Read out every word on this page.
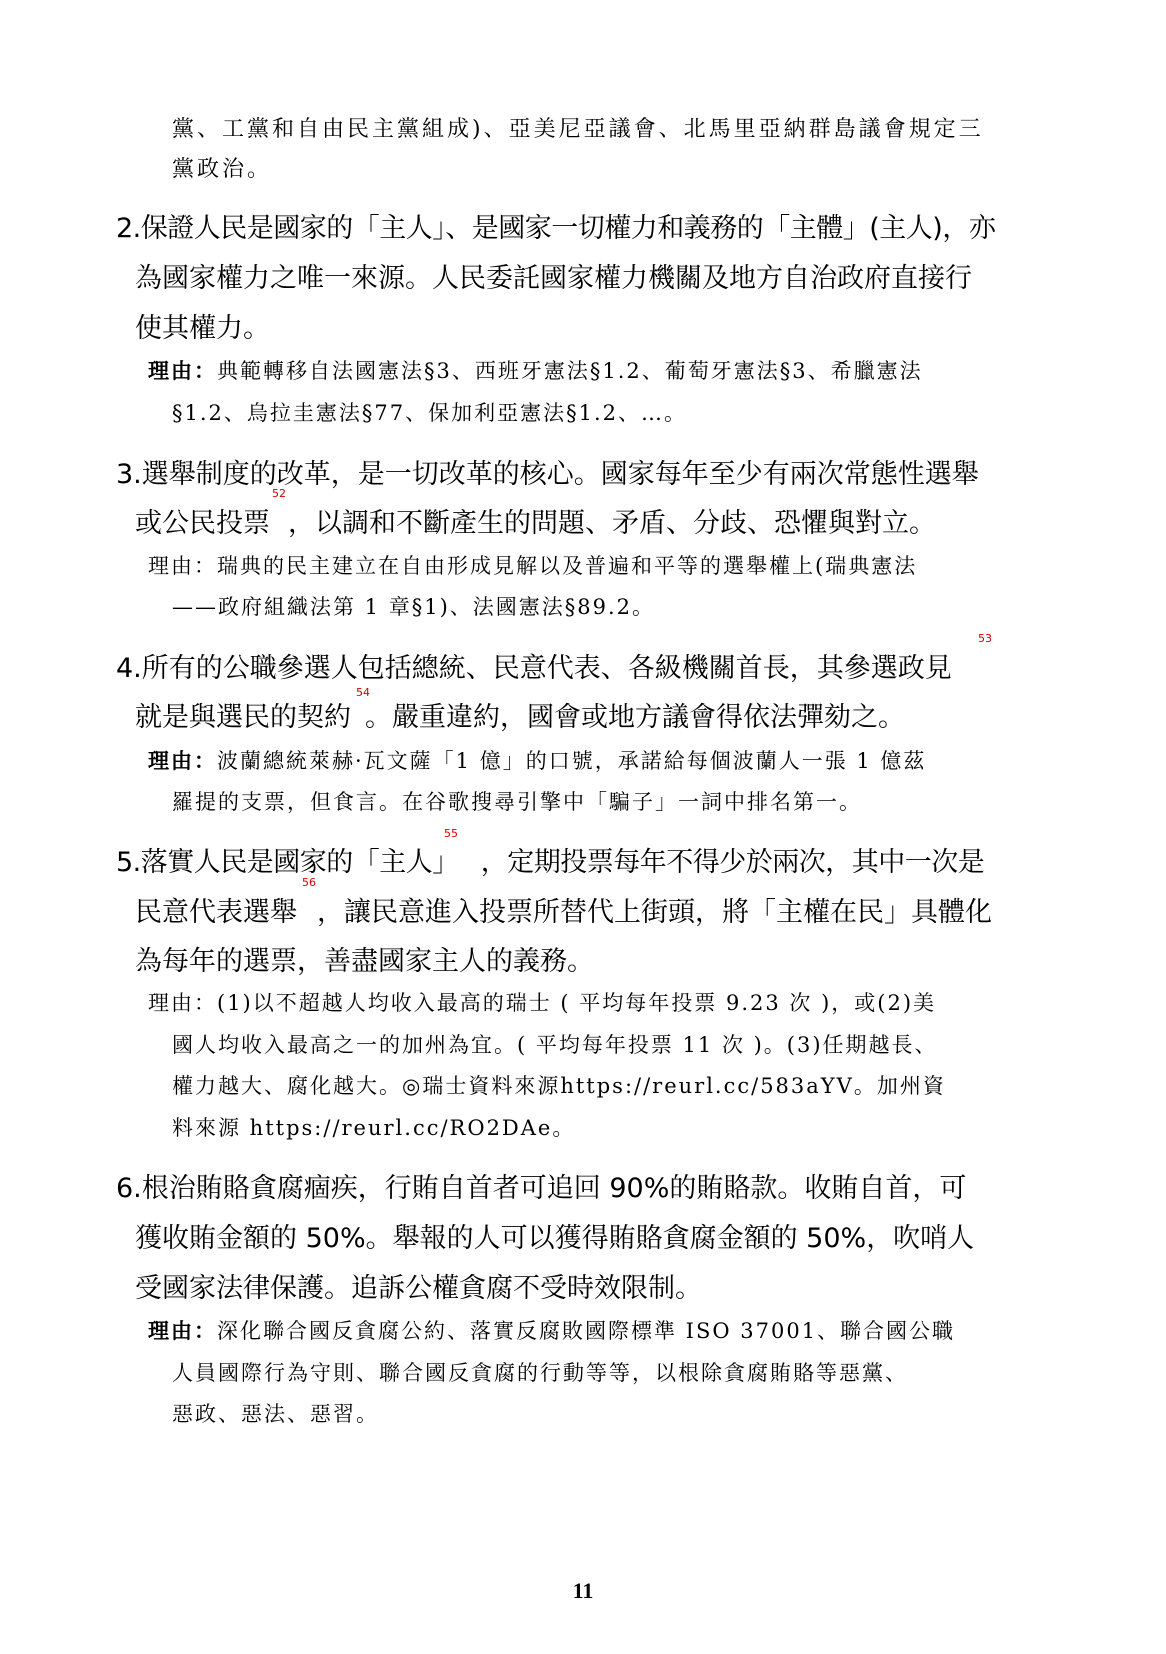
黨、工黨和自由民主黨組成)、亞美尼亞議會、北馬里亞納群島議會規定三
黨政治。
2.保證人民是國家的「主人」、是國家一切權力和義務的「主體」(主人)，亦
為國家權力之唯一來源。人民委託國家權力機關及地方自治政府直接行
使其權力。
理由：典範轉移自法國憲法§3、西班牙憲法§1.2、葡萄牙憲法§3、希臘憲法
§1.2、烏拉圭憲法§77、保加利亞憲法§1.2、…。
3.選舉制度的改革，是一切改革的核心。國家每年至少有兩次常態性選舉
或公民投票 ，以調和不斷產生的問題、矛盾、分歧、恐懼與對立。
52
理由：瑞典的民主建立在自由形成見解以及普遍和平等的選舉權上(瑞典憲法
——政府組織法第 1 章§1)、法國憲法§89.2。
4.所有的公職參選人包括總統、民意代表、各級機關首長，其參選政見
53
就是與選民的契約 。嚴重違約，國會或地方議會得依法彈劾之。
54
理由：波蘭總統萊赫·瓦文薩「1 億」的口號，承諾給每個波蘭人一張 1 億茲
羅提的支票，但食言。在谷歌搜尋引擎中「騙子」一詞中排名第一。
5.落實人民是國家的「主人」 ，定期投票每年不得少於兩次，其中一次是
55
民意代表選舉 ，讓民意進入投票所替代上街頭，將「主權在民」具體化
56
為每年的選票，善盡國家主人的義務。
理由：(1)以不超越人均收入最高的瑞士 ( 平均每年投票 9.23 次 )，或(2)美
國人均收入最高之一的加州為宜。( 平均每年投票 11 次 )。(3)任期越長、
權力越大、腐化越大。◎瑞士資料來源https://reurl.cc/583aYV。加州資
料來源 https://reurl.cc/RO2DAe。
6.根治賄賂貪腐痼疾，行賄自首者可追回 90%的賄賂款。收賄自首，可
獲收賄金額的 50%。舉報的人可以獲得賄賂貪腐金額的 50%，吹哨人
受國家法律保護。追訴公權貪腐不受時效限制。
理由：深化聯合國反貪腐公約、落實反腐敗國際標準 ISO 37001、聯合國公職
人員國際行為守則、聯合國反貪腐的行動等等，以根除貪腐賄賂等惡黨、
惡政、惡法、惡習。
11
